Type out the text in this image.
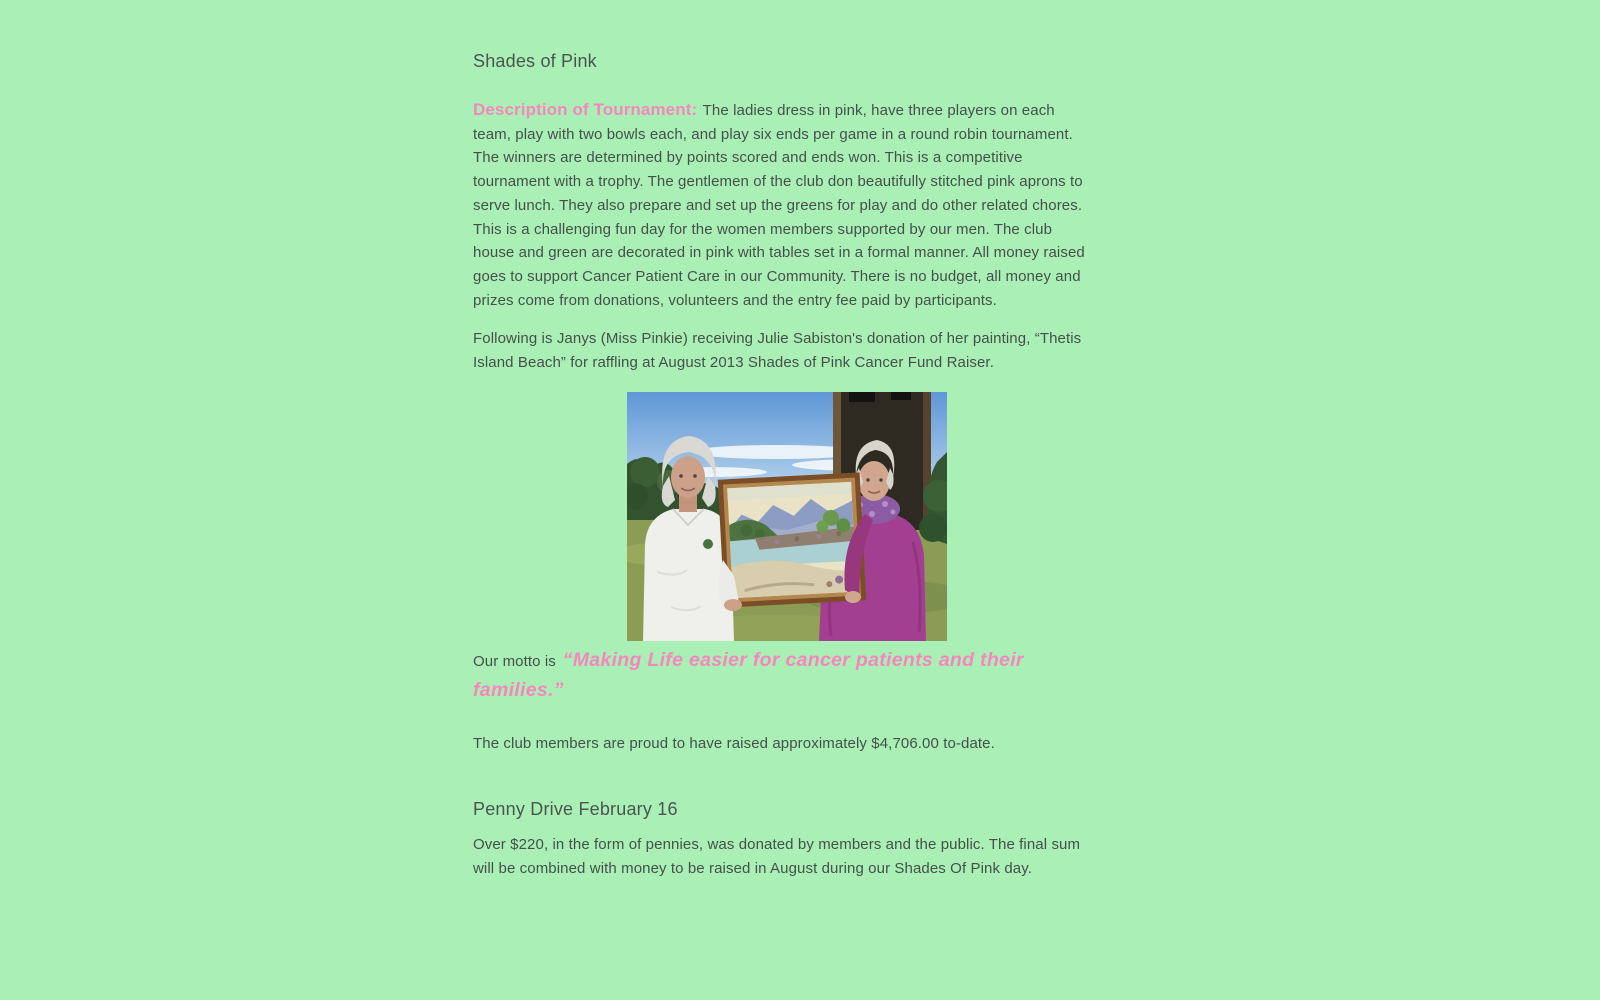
Shades of Pink

Description of Tournament: The ladies dress in pink, have three players on each team, play with two bowls each, and play six ends per game in a round robin tournament. The winners are determined by points scored and ends won. This is a competitive tournament with a trophy. The gentlemen of the club don beautifully stitched pink aprons to serve lunch. They also prepare and set up the greens for play and do other related chores. This is a challenging fun day for the women members supported by our men. The club house and green are decorated in pink with tables set in a formal manner. All money raised goes to support Cancer Patient Care in our Community. There is no budget, all money and prizes come from donations, volunteers and the entry fee paid by participants.

Following is Janys (Miss Pinkie) receiving Julie Sabiston's donation of her painting, “Thetis Island Beach” for raffling at August 2013 Shades of Pink Cancer Fund Raiser.

Our motto is “Making Life easier for cancer patients and their families.”

The club members are proud to have raised approximately $4,706.00 to-date.

Penny Drive February 16

Over $220, in the form of pennies, was donated by members and the public. The final sum will be combined with money to be raised in August during our Shades Of Pink day.
